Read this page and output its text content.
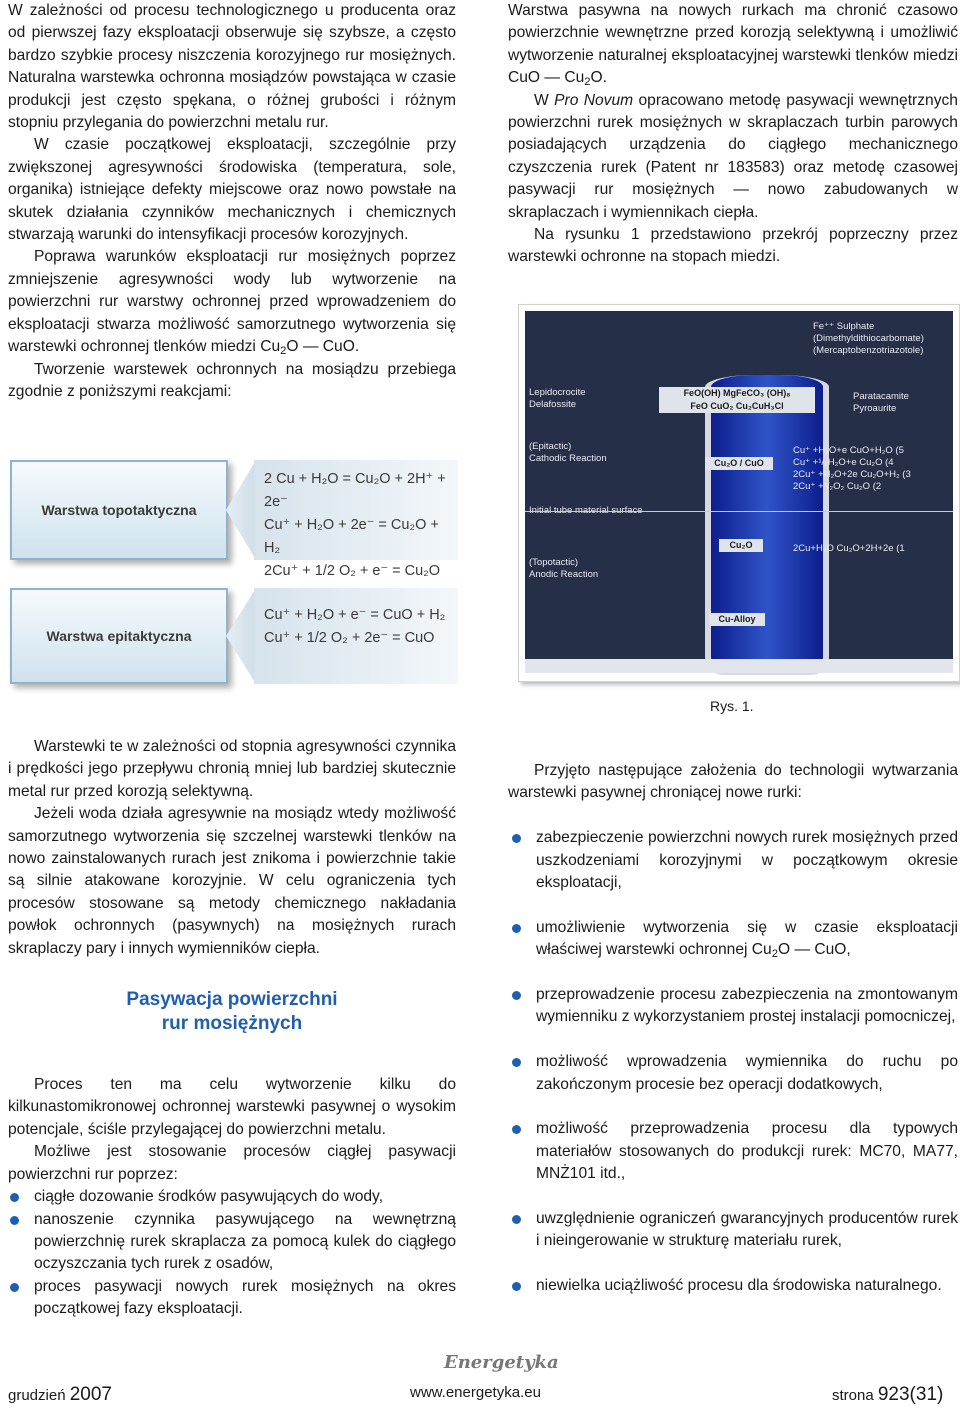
W zależności od procesu technologicznego u producenta oraz od pierwszej fazy eksploatacji obserwuje się szybsze, a często bardzo szybkie procesy niszczenia korozyjnego rur mosiężnych. Naturalna warstewka ochronna mosiądzów powstająca w czasie produkcji jest często spękana, o różnej grubości i różnym stopniu przylegania do powierzchni metalu rur.

W czasie początkowej eksploatacji, szczególnie przy zwiększonej agresywności środowiska (temperatura, sole, organika) istniejące defekty miejscowe oraz nowo powstałe na skutek działania czynników mechanicznych i chemicznych stwarzają warunki do intensyfikacji procesów korozyjnych.

Poprawa warunków eksploatacji rur mosiężnych poprzez zmniejszenie agresywności wody lub wytworzenie na powierzchni rur warstwy ochronnej przed wprowadzeniem do eksploatacji stwarza możliwość samorzutnego wytworzenia się warstewki ochronnej tlenków miedzi $Cu_2O$ — CuO.

Tworzenie warstewek ochronnych na mosiądzu przebiega zgodnie z poniższymi reakcjami:

Warstwa topotaktyczna
2 Cu + H₂O = Cu₂O + 2H⁺ + 2e⁻
Cu⁺ + H₂O + 2e⁻ = Cu₂O + H₂
2Cu⁺ + 1/2 O₂ + e⁻ = Cu₂O
Warstwa epitaktyczna
Cu⁺ + H₂O + e⁻ = CuO + H₂
Cu⁺ + 1/2 O₂ + 2e⁻ = CuO

Warstwa pasywna na nowych rurkach ma chronić czasowo powierzchnie wewnętrzne przed korozją selektywną i umożliwić wytworzenie naturalnej eksploatacyjnej warstewki tlenków miedzi CuO — $Cu_2O$.

W Pro Novum opracowano metodę pasywacji wewnętrznych powierzchni rurek mosiężnych w skraplaczach turbin parowych posiadających urządzenia do ciągłego mechanicznego czyszczenia rurek (Patent nr 183583) oraz metodę czasowej pasywacji rur mosiężnych — nowo zabudowanych w skraplaczach i wymiennikach ciepła.

Na rysunku 1 przedstawiono przekrój poprzeczny przez warstewki ochronne na stopach miedzi.

Fe⁺⁺ Sulphate
(Dimethyldithiocarbomate)
(Mercaptobenzotriazotole)
Lepidocrocite
Delafossite
FeO(OH) MgFeCO₃ (OH)₈
FeO CuO₂ Cu₂CuH₃Cl
Paratacamite
Pyroaurite
(Epitactic)
Cathodic Reaction	Cu₂O / CuO
Cu⁺ +H₂O+e CuO+H₂O (5
Cu⁺ +¹/₂H₂O+e Cu₂O (4
2Cu⁺ +H₂O+2e Cu₂O+H₂ (3
2Cu⁺ +¹/₂O₂ Cu₂O (2
Cu₂O	2Cu+H₂O Cu₂O+2H+2e (1
(Topotactic)
Anodic Reaction
Cu-Alloy
Rys. 1.

Warstewki te w zależności od stopnia agresywności czynnika i prędkości jego przepływu chronią mniej lub bardziej skutecznie metal rur przed korozją selektywną.

Jeżeli woda działa agresywnie na mosiądz wtedy możliwość samorzutnego wytworzenia się szczelnej warstewki tlenków na nowo zainstalowanych rurach jest znikoma i powierzchnie takie są silnie atakowane korozyjnie. W celu ograniczenia tych procesów stosowane są metody chemicznego nakładania powłok ochronnych (pasywnych) na mosiężnych rurach skraplaczy pary i innych wymienników ciepła.

Pasywacja powierzchni
rur mosiężnych

Proces ten ma celu wytworzenie kilku do kilkunastomikronowej ochronnej warstewki pasywnej o wysokim potencjale, ściśle przylegającej do powierzchni metalu.

Możliwe jest stosowanie procesów ciągłej pasywacji powierzchni rur poprzez:

ciągłe dozowanie środków pasywujących do wody,
nanoszenie czynnika pasywującego na wewnętrzną powierzchnię rurek skraplacza za pomocą kulek do ciągłego oczyszczania tych rurek z osadów,
proces pasywacji nowych rurek mosiężnych na okres początkowej fazy eksploatacji.

Przyjęto następujące założenia do technologii wytwarzania warstewki pasywnej chroniącej nowe rurki:

zabezpieczenie powierzchni nowych rurek mosiężnych przed uszkodzeniami korozyjnymi w początkowym okresie eksploatacji,
umożliwienie wytworzenia się w czasie eksploatacji właściwej warstewki ochronnej $Cu_2O$ — CuO,
przeprowadzenie procesu zabezpieczenia na zmontowanym wymienniku z wykorzystaniem prostej instalacji pomocniczej,
możliwość wprowadzenia wymiennika do ruchu po zakończonym procesie bez operacji dodatkowych,
możliwość przeprowadzenia procesu dla typowych materiałów stosowanych do produkcji rurek: MC70, MA77, MNŻ101 itd.,
uwzględnienie ograniczeń gwarancyjnych producentów rurek i nieingerowanie w strukturę materiału rurek,
niewielka uciążliwość procesu dla środowiska naturalnego.
Energetyka
grudzień 2007	www.energetyka.eu	strona 923(31)
